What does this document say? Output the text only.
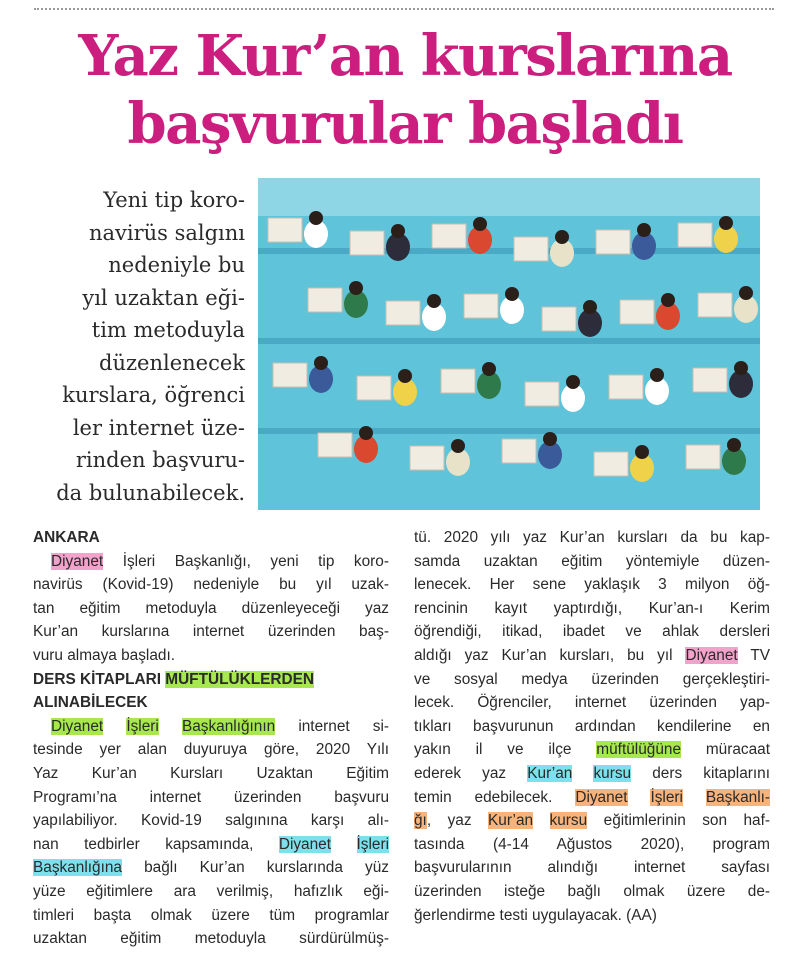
Yaz Kur’an kurslarına
başvurular başladı
Yeni tip koro-
navirüs salgını
nedeniyle bu
yıl uzaktan eği-
tim metoduyla
düzenlenecek
kurslara, öğrenci
ler internet üze-
rinden başvuru-
da bulunabilecek.
ANKARA
Diyanet İşleri Başkanlığı, yeni tip koro-
navirüs (Kovid-19) nedeniyle bu yıl uzak-
tan eğitim metoduyla düzenleyeceği yaz
Kur’an kurslarına internet üzerinden baş-
vuru almaya başladı.
DERS KİTAPLARI MÜFTÜLÜKLERDEN
ALINABİLECEK
Diyanet İşleri Başkanlığının internet si-
tesinde yer alan duyuruya göre, 2020 Yılı
Yaz Kur’an Kursları Uzaktan Eğitim
Programı’na internet üzerinden başvuru
yapılabiliyor. Kovid-19 salgınına karşı alı-
nan tedbirler kapsamında, Diyanet İşleri
Başkanlığına bağlı Kur’an kurslarında yüz
yüze eğitimlere ara verilmiş, hafızlık eği-
timleri başta olmak üzere tüm programlar
uzaktan eğitim metoduyla sürdürülmüş-
tü. 2020 yılı yaz Kur’an kursları da bu kap-
samda uzaktan eğitim yöntemiyle düzen-
lenecek. Her sene yaklaşık 3 milyon öğ-
rencinin kayıt yaptırdığı, Kur’an-ı Kerim
öğrendiği, itikad, ibadet ve ahlak dersleri
aldığı yaz Kur’an kursları, bu yıl Diyanet TV
ve sosyal medya üzerinden gerçekleştiri-
lecek. Öğrenciler, internet üzerinden yap-
tıkları başvurunun ardından kendilerine en
yakın il ve ilçe müftülüğüne müracaat
ederek yaz Kur’an kursu ders kitaplarını
temin edebilecek. Diyanet İşleri Başkanlı-
ğı, yaz Kur’an kursu eğitimlerinin son haf-
tasında (4-14 Ağustos 2020), program
başvurularının alındığı internet sayfası
üzerinden isteğe bağlı olmak üzere de-
ğerlendirme testi uygulayacak. (AA)
